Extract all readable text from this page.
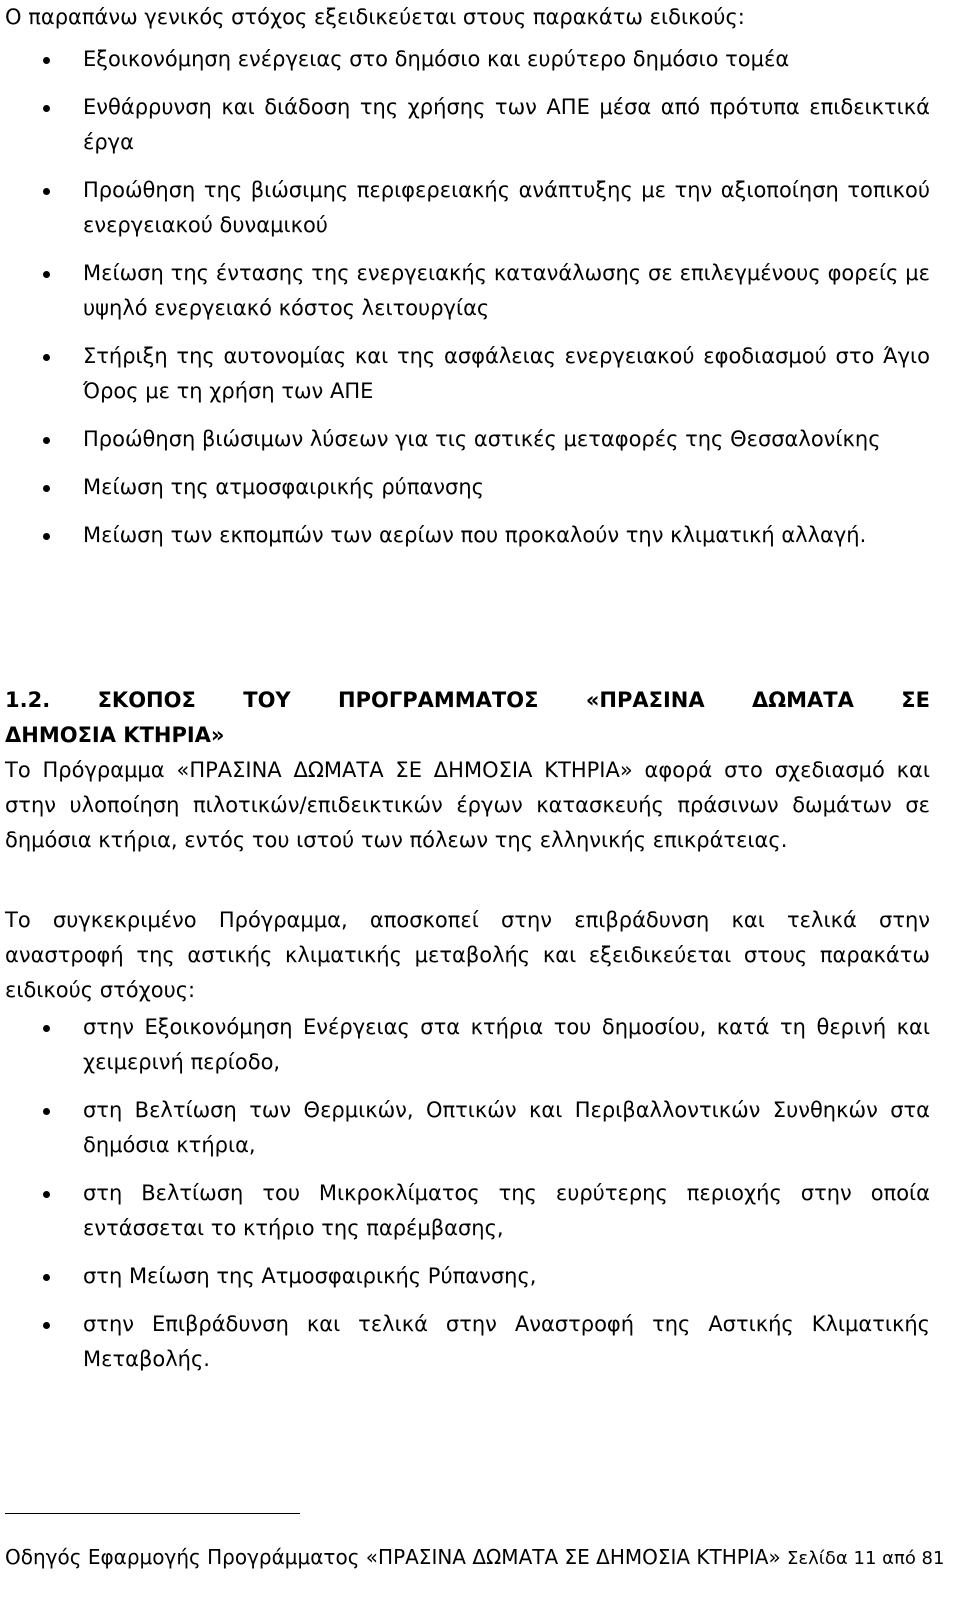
Ο παραπάνω γενικός στόχος εξειδικεύεται στους παρακάτω ειδικούς:
Εξοικονόμηση ενέργειας στο δημόσιο και ευρύτερο δημόσιο τομέα
Ενθάρρυνση και διάδοση της χρήσης των ΑΠΕ μέσα από πρότυπα επιδεικτικά έργα
Προώθηση της βιώσιμης περιφερειακής ανάπτυξης με την αξιοποίηση τοπικού ενεργειακού δυναμικού
Μείωση της έντασης της ενεργειακής κατανάλωσης σε επιλεγμένους φορείς με υψηλό ενεργειακό κόστος λειτουργίας
Στήριξη της αυτονομίας και της ασφάλειας ενεργειακού εφοδιασμού στο Άγιο Όρος με τη χρήση των ΑΠΕ
Προώθηση βιώσιμων λύσεων για τις αστικές μεταφορές της Θεσσαλονίκης
Μείωση της ατμοσφαιρικής ρύπανσης
Μείωση των εκπομπών των αερίων που προκαλούν την κλιματική αλλαγή.
1.2. ΣΚΟΠΟΣ ΤΟΥ ΠΡΟΓΡΑΜΜΑΤΟΣ «ΠΡΑΣΙΝΑ ΔΩΜΑΤΑ ΣΕ
ΔΗΜΟΣΙΑ ΚΤΗΡΙΑ»
Το Πρόγραμμα «ΠΡΑΣΙΝΑ ΔΩΜΑΤΑ ΣΕ ΔΗΜΟΣΙΑ ΚΤΗΡΙΑ» αφορά στο σχεδιασμό και στην υλοποίηση πιλοτικών/επιδεικτικών έργων κατασκευής πράσινων δωμάτων σε δημόσια κτήρια, εντός του ιστού των πόλεων της ελληνικής επικράτειας.
Το συγκεκριμένο Πρόγραμμα, αποσκοπεί στην επιβράδυνση και τελικά στην αναστροφή της αστικής κλιματικής μεταβολής και εξειδικεύεται στους παρακάτω ειδικούς στόχους:
στην Εξοικονόμηση Ενέργειας στα κτήρια του δημοσίου, κατά τη θερινή και χειμερινή περίοδο,
στη Βελτίωση των Θερμικών, Οπτικών και Περιβαλλοντικών Συνθηκών στα δημόσια κτήρια,
στη Βελτίωση του Μικροκλίματος της ευρύτερης περιοχής στην οποία εντάσσεται το κτήριο της παρέμβασης,
στη Μείωση της Ατμοσφαιρικής Ρύπανσης,
στην Επιβράδυνση και τελικά στην Αναστροφή της Αστικής Κλιματικής Μεταβολής.
Οδηγός Εφαρμογής Προγράμματος «ΠΡΑΣΙΝΑ ΔΩΜΑΤΑ ΣΕ ΔΗΜΟΣΙΑ ΚΤΗΡΙΑ» Σελίδα 11 από 81
